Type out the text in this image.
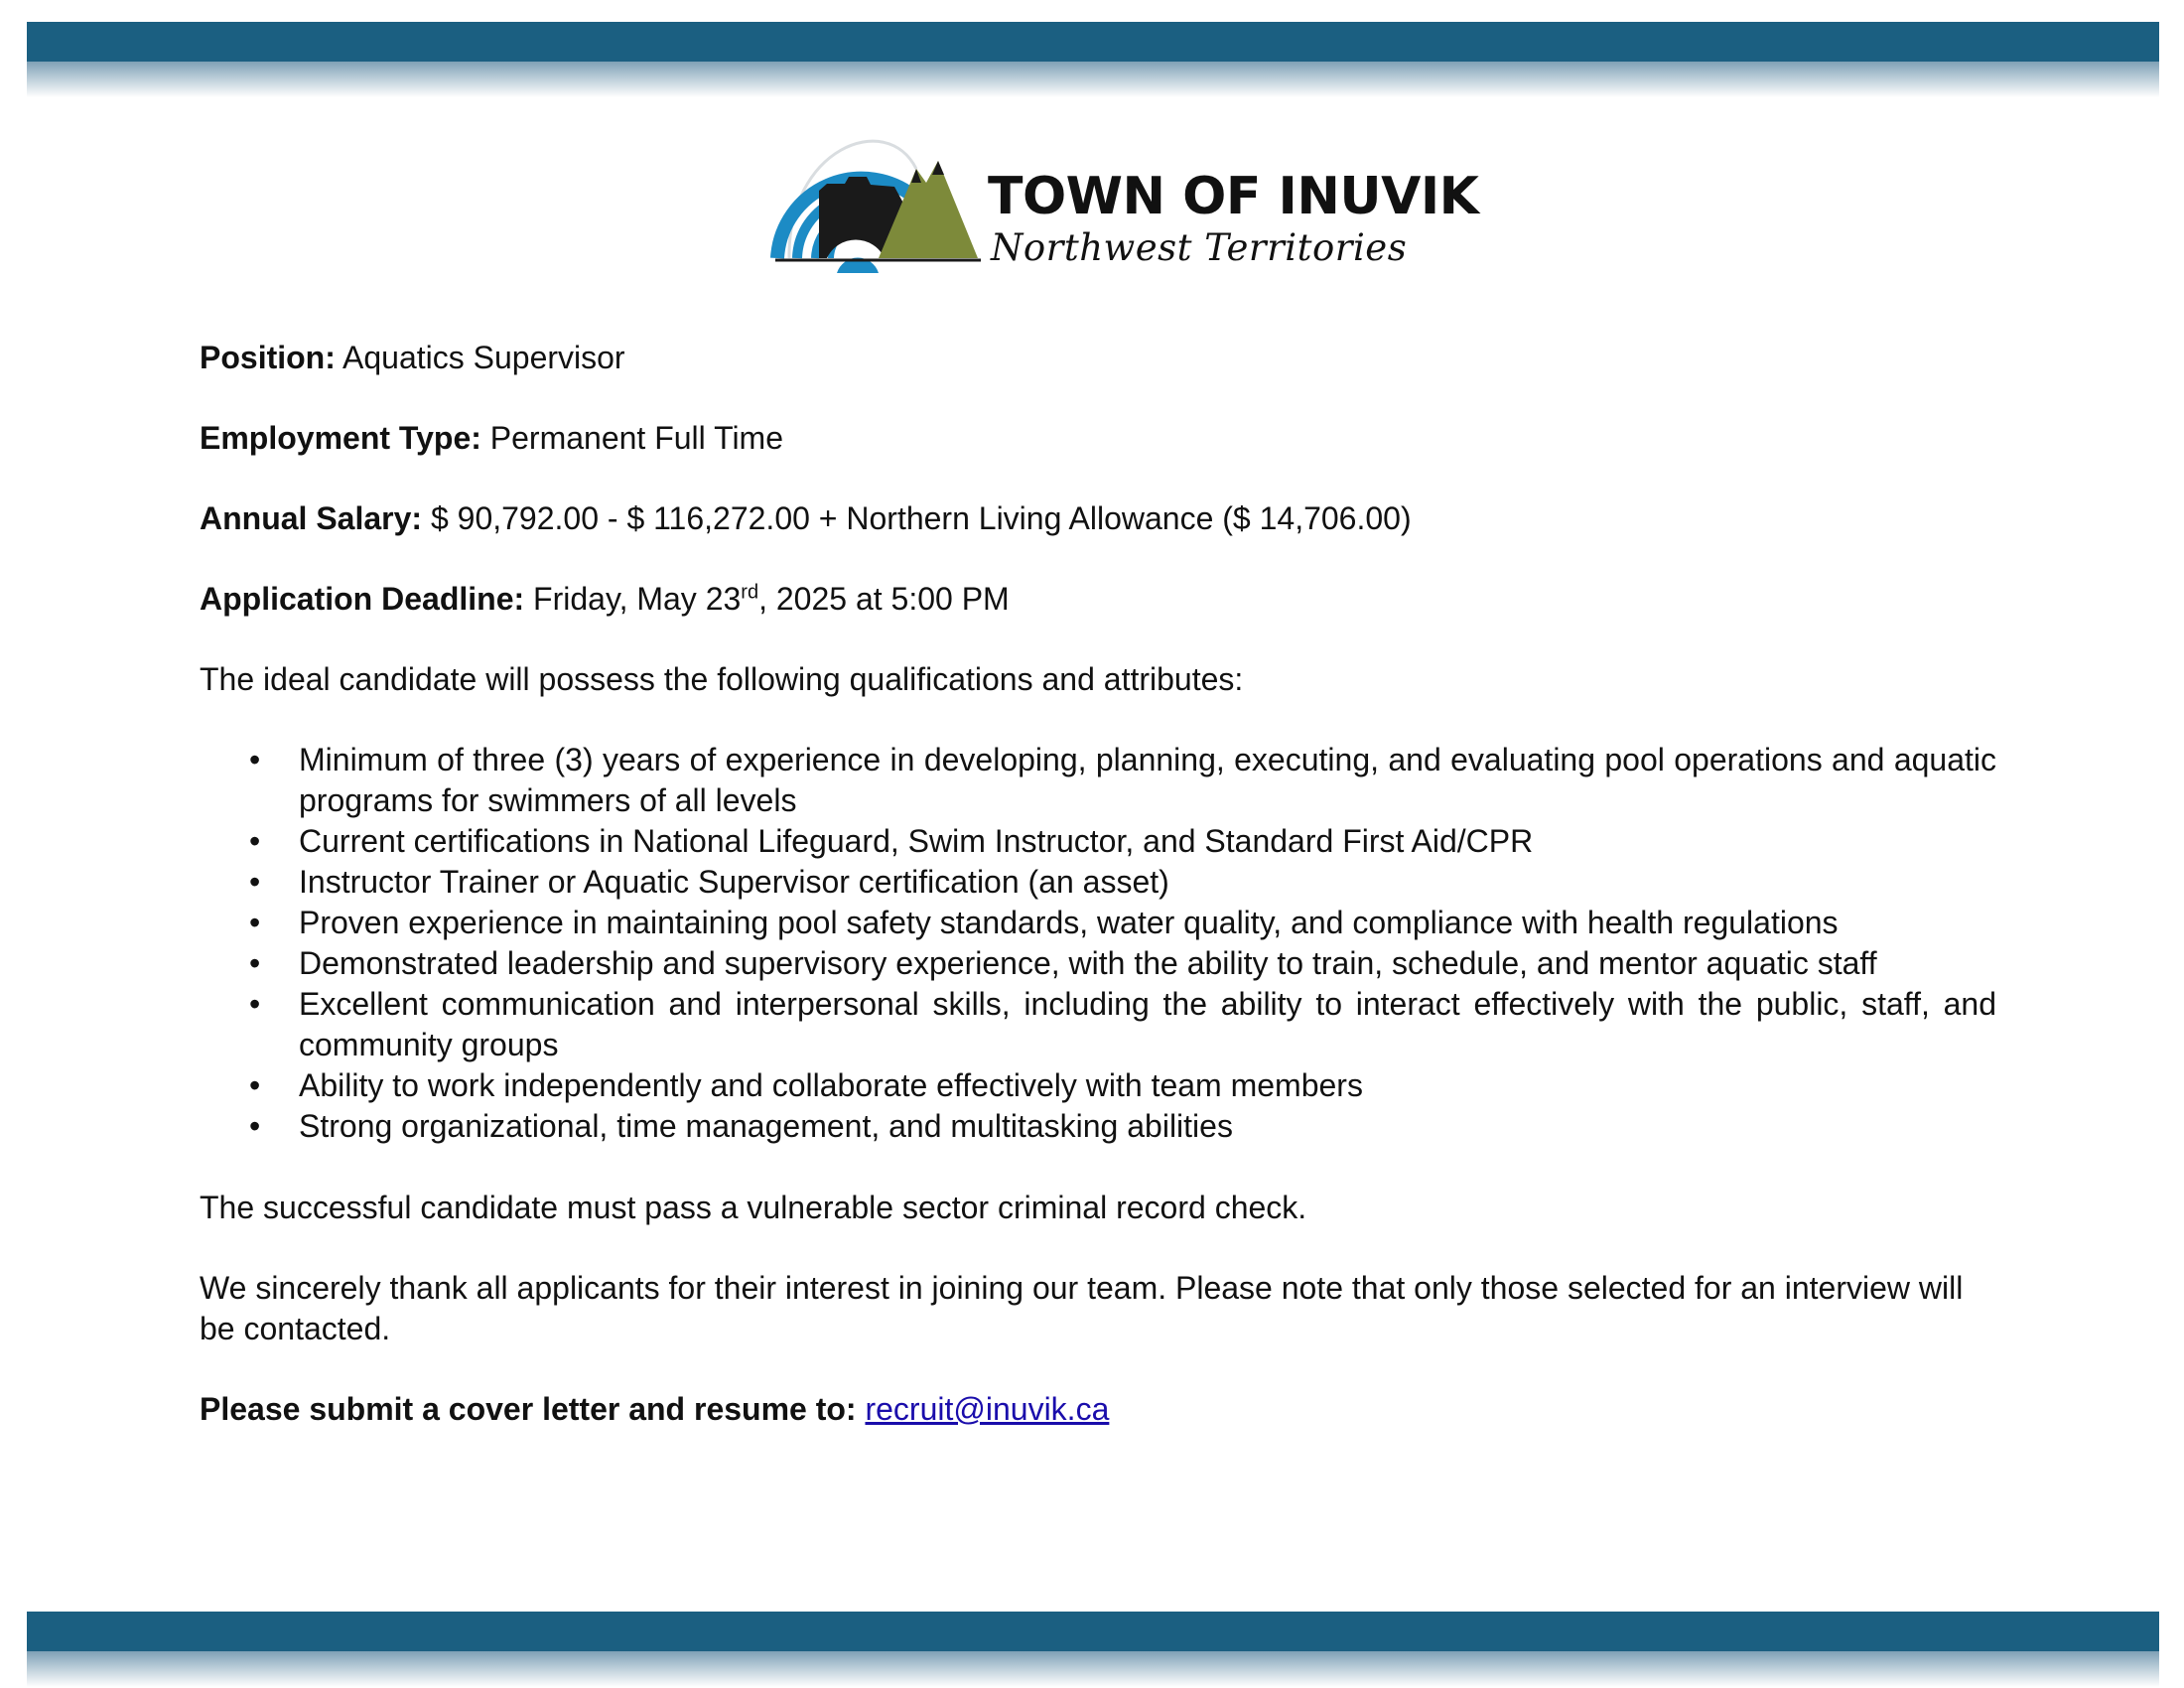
TOWN OF INUVIK
Northwest Territories

Position: Aquatics Supervisor

Employment Type: Permanent Full Time

Annual Salary: $ 90,792.00 - $ 116,272.00 + Northern Living Allowance ($ 14,706.00)

Application Deadline: Friday, May 23rd, 2025 at 5:00 PM

The ideal candidate will possess the following qualifications and attributes:

• Minimum of three (3) years of experience in developing, planning, executing, and evaluating pool operations and aquatic programs for swimmers of all levels
• Current certifications in National Lifeguard, Swim Instructor, and Standard First Aid/CPR
• Instructor Trainer or Aquatic Supervisor certification (an asset)
• Proven experience in maintaining pool safety standards, water quality, and compliance with health regulations
• Demonstrated leadership and supervisory experience, with the ability to train, schedule, and mentor aquatic staff
• Excellent communication and interpersonal skills, including the ability to interact effectively with the public, staff, and community groups
• Ability to work independently and collaborate effectively with team members
• Strong organizational, time management, and multitasking abilities

The successful candidate must pass a vulnerable sector criminal record check.

We sincerely thank all applicants for their interest in joining our team. Please note that only those selected for an interview will be contacted.

Please submit a cover letter and resume to: recruit@inuvik.ca
